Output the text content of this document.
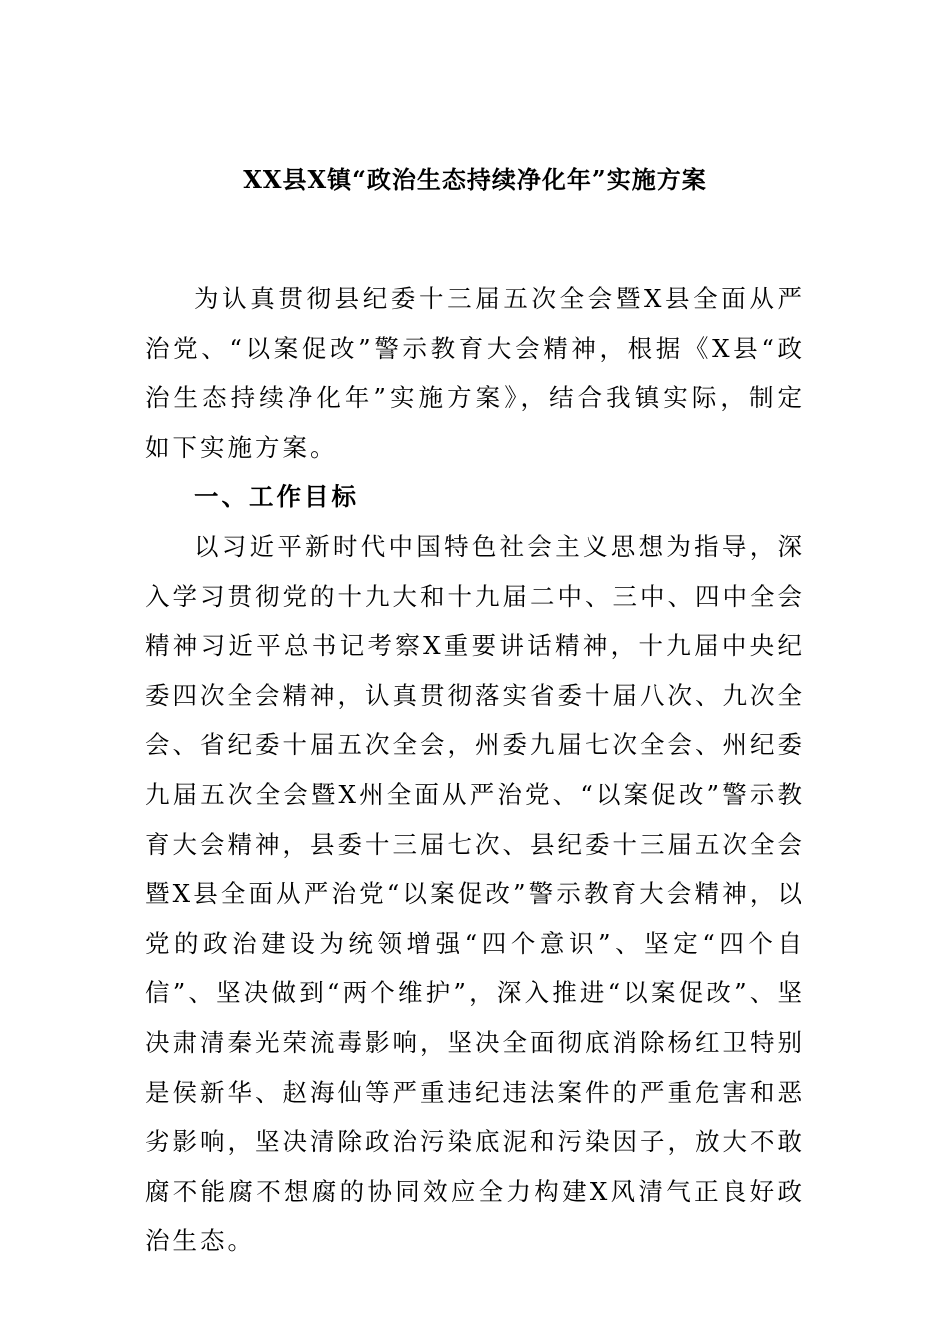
XX县X镇“政治生态持续净化年”实施方案

为认真贯彻县纪委十三届五次全会暨X县全面从严治党、“以案促改”警示教育大会精神，根据《X县“政治生态持续净化年”实施方案》，结合我镇实际，制定如下实施方案。

一、工作目标

以习近平新时代中国特色社会主义思想为指导，深入学习贯彻党的十九大和十九届二中、三中、四中全会精神习近平总书记考察X重要讲话精神，十九届中央纪委四次全会精神，认真贯彻落实省委十届八次、九次全会、省纪委十届五次全会，州委九届七次全会、州纪委九届五次全会暨X州全面从严治党、“以案促改”警示教育大会精神，县委十三届七次、县纪委十三届五次全会暨X县全面从严治党“以案促改”警示教育大会精神，以党的政治建设为统领增强“四个意识”、坚定“四个自信”、坚决做到“两个维护”，深入推进“以案促改”、坚决肃清秦光荣流毒影响，坚决全面彻底消除杨红卫特别是侯新华、赵海仙等严重违纪违法案件的严重危害和恶劣影响，坚决清除政治污染底泥和污染因子，放大不敢腐不能腐不想腐的协同效应全力构建X风清气正良好政治生态。
